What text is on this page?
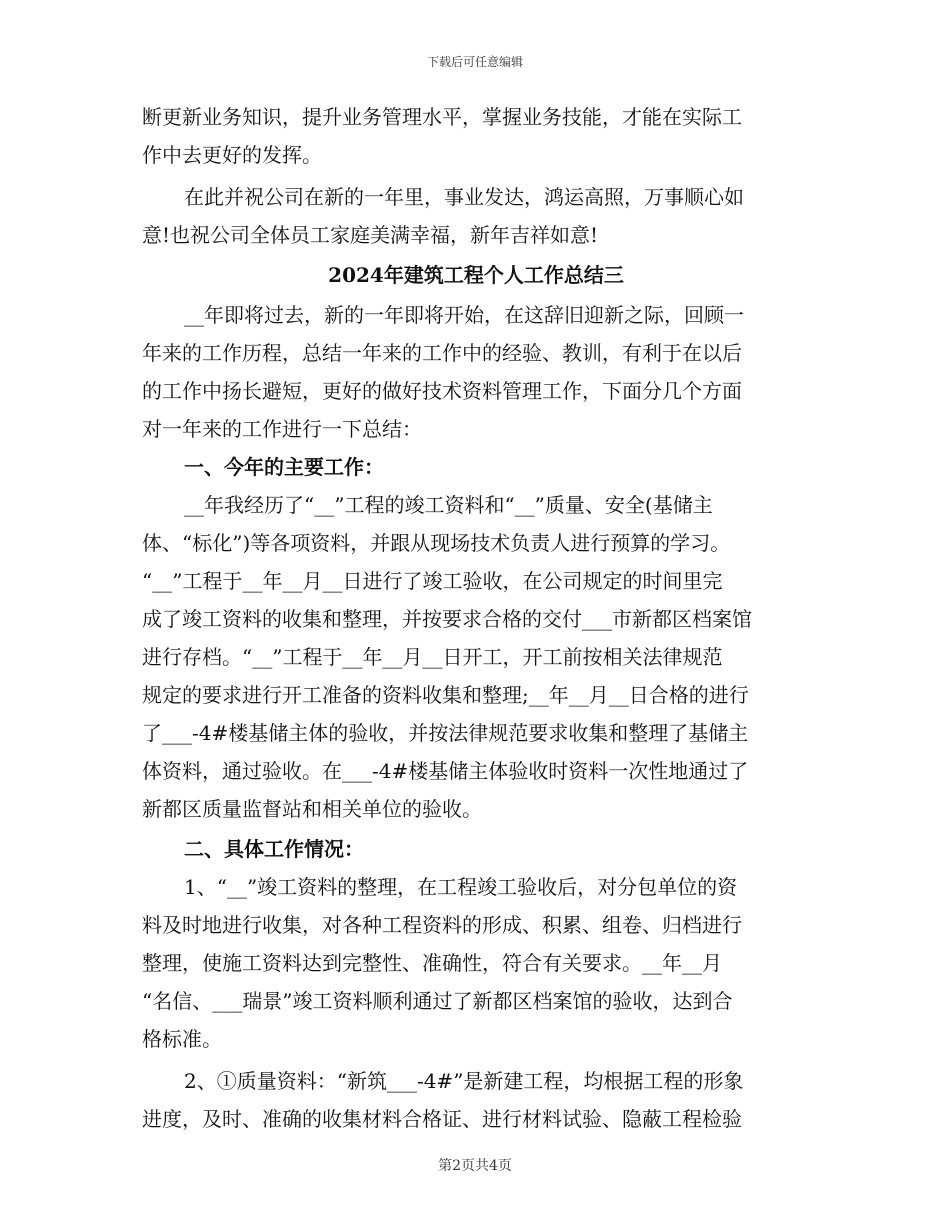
下载后可任意编辑
断更新业务知识，提升业务管理水平，掌握业务技能，才能在实际工
作中去更好的发挥。
在此并祝公司在新的一年里，事业发达，鸿运高照，万事顺心如
意!也祝公司全体员工家庭美满幸福，新年吉祥如意!
2024年建筑工程个人工作总结三
__年即将过去，新的一年即将开始，在这辞旧迎新之际，回顾一
年来的工作历程，总结一年来的工作中的经验、教训，有利于在以后
的工作中扬长避短，更好的做好技术资料管理工作，下面分几个方面
对一年来的工作进行一下总结：
一、今年的主要工作：
__年我经历了“__”工程的竣工资料和“__”质量、安全(基储主
体、“标化”)等各项资料，并跟从现场技术负责人进行预算的学习。
“__”工程于__年__月__日进行了竣工验收，在公司规定的时间里完
成了竣工资料的收集和整理，并按要求合格的交付___市新都区档案馆
进行存档。“__”工程于__年__月__日开工，开工前按相关法律规范
规定的要求进行开工准备的资料收集和整理;__年__月__日合格的进行
了___-4#楼基储主体的验收，并按法律规范要求收集和整理了基储主
体资料，通过验收。在___-4#楼基储主体验收时资料一次性地通过了
新都区质量监督站和相关单位的验收。
二、具体工作情况：
1、“__”竣工资料的整理，在工程竣工验收后，对分包单位的资
料及时地进行收集，对各种工程资料的形成、积累、组卷、归档进行
整理，使施工资料达到完整性、准确性，符合有关要求。__年__月
“名信、___瑞景”竣工资料顺利通过了新都区档案馆的验收，达到合
格标准。
2、①质量资料：“新筑___-4#”是新建工程，均根据工程的形象
进度，及时、准确的收集材料合格证、进行材料试验、隐蔽工程检验
第2页共4页
